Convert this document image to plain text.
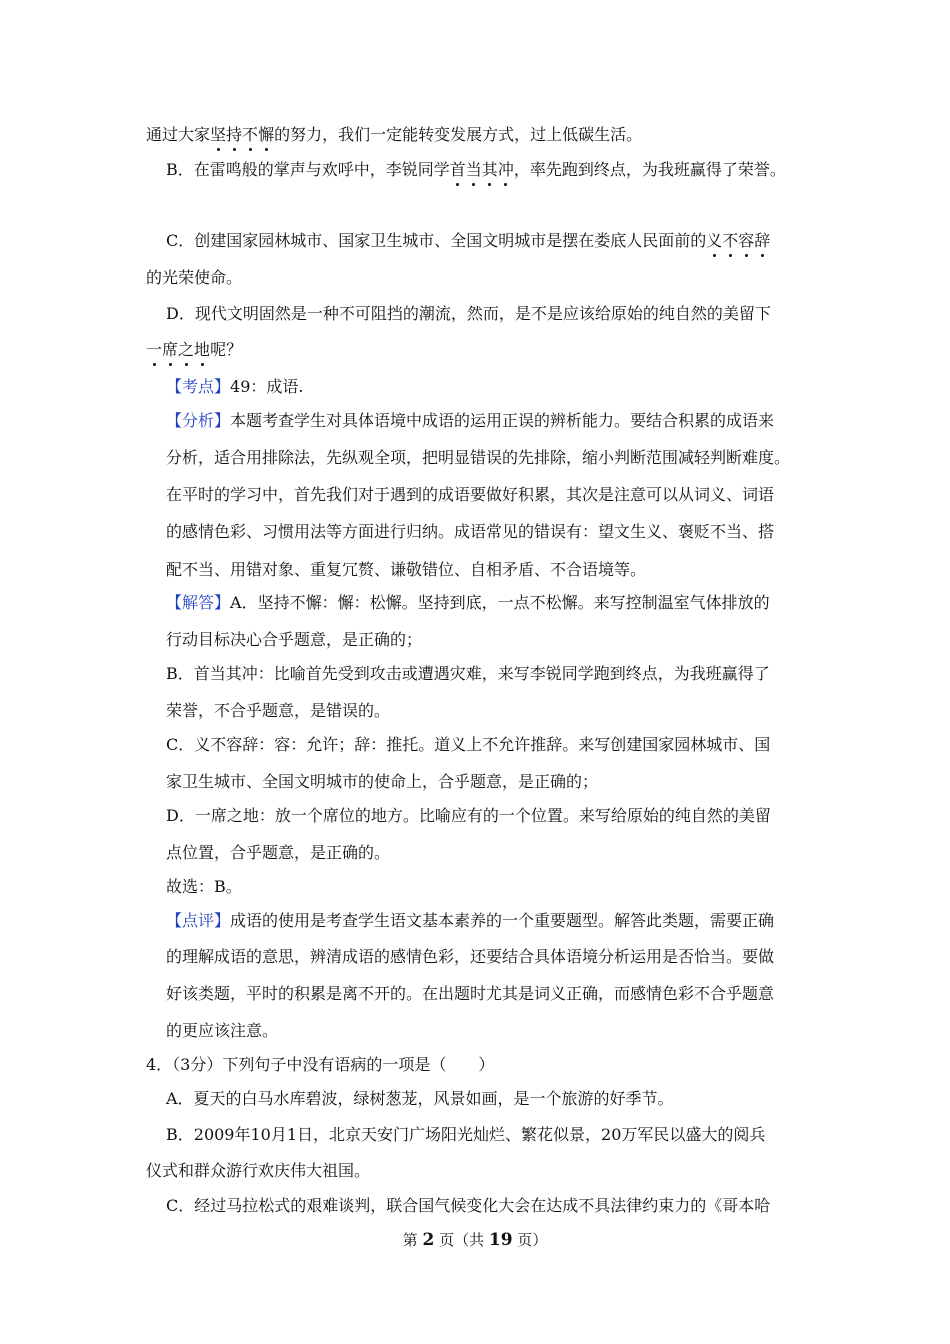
通过大家坚持不懈的努力，我们一定能转变发展方式，过上低碳生活。
B．在雷鸣般的掌声与欢呼中，李锐同学首当其冲，率先跑到终点，为我班赢得了荣誉。
C．创建国家园林城市、国家卫生城市、全国文明城市是摆在娄底人民面前的义不容辞
的光荣使命。
D．现代文明固然是一种不可阻挡的潮流，然而，是不是应该给原始的纯自然的美留下
一席之地呢？
【考点】49：成语.
【分析】本题考查学生对具体语境中成语的运用正误的辨析能力。要结合积累的成语来
分析，适合用排除法，先纵观全项，把明显错误的先排除，缩小判断范围减轻判断难度。
在平时的学习中，首先我们对于遇到的成语要做好积累，其次是注意可以从词义、词语
的感情色彩、习惯用法等方面进行归纳。成语常见的错误有：望文生义、褒贬不当、搭
配不当、用错对象、重复冗赘、谦敬错位、自相矛盾、不合语境等。
【解答】A．坚持不懈：懈：松懈。坚持到底，一点不松懈。来写控制温室气体排放的
行动目标决心合乎题意，是正确的；
B．首当其冲：比喻首先受到攻击或遭遇灾难，来写李锐同学跑到终点，为我班赢得了
荣誉，不合乎题意，是错误的。
C．义不容辞：容：允许；辞：推托。道义上不允许推辞。来写创建国家园林城市、国
家卫生城市、全国文明城市的使命上，合乎题意，是正确的；
D．一席之地：放一个席位的地方。比喻应有的一个位置。来写给原始的纯自然的美留
点位置，合乎题意，是正确的。
故选：B。
【点评】成语的使用是考查学生语文基本素养的一个重要题型。解答此类题，需要正确
的理解成语的意思，辨清成语的感情色彩，还要结合具体语境分析运用是否恰当。要做
好该类题，平时的积累是离不开的。在出题时尤其是词义正确，而感情色彩不合乎题意
的更应该注意。
4．（3分）下列句子中没有语病的一项是（　　）
A．夏天的白马水库碧波，绿树葱茏，风景如画，是一个旅游的好季节。
B．2009年10月1日，北京天安门广场阳光灿烂、繁花似景，20万军民以盛大的阅兵
仪式和群众游行欢庆伟大祖国。
C．经过马拉松式的艰难谈判，联合国气候变化大会在达成不具法律约束力的《哥本哈
第 2 页（共 19 页）
